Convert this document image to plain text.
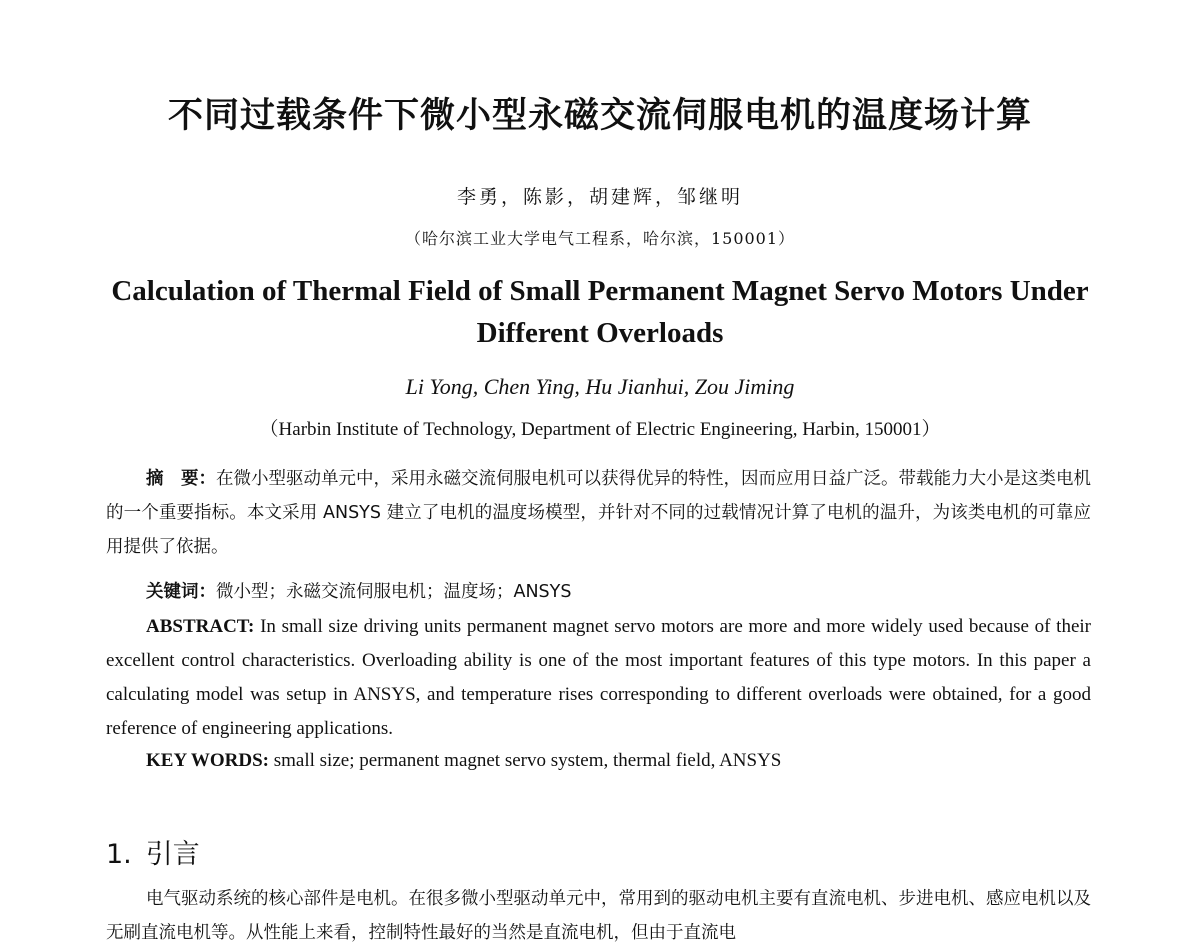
不同过载条件下微小型永磁交流伺服电机的温度场计算
李勇，陈影，胡建辉，邹继明
（哈尔滨工业大学电气工程系，哈尔滨，150001）
Calculation of Thermal Field of Small Permanent Magnet Servo Motors Under Different Overloads
Li Yong, Chen Ying, Hu Jianhui, Zou Jiming
（Harbin Institute of Technology, Department of Electric Engineering, Harbin, 150001）
摘　要：在微小型驱动单元中，采用永磁交流伺服电机可以获得优异的特性，因而应用日益广泛。带载能力大小是这类电机的一个重要指标。本文采用 ANSYS 建立了电机的温度场模型，并针对不同的过载情况计算了电机的温升，为该类电机的可靠应用提供了依据。
关键词：微小型；永磁交流伺服电机；温度场；ANSYS
ABSTRACT: In small size driving units permanent magnet servo motors are more and more widely used because of their excellent control characteristics. Overloading ability is one of the most important features of this type motors. In this paper a calculating model was setup in ANSYS, and temperature rises corresponding to different overloads were obtained, for a good reference of engineering applications.
KEY WORDS: small size; permanent magnet servo system, thermal field, ANSYS
1. 引言
电气驱动系统的核心部件是电机。在很多微小型驱动单元中，常用到的驱动电机主要有直流电机、步进电机、感应电机以及无刷直流电机等。从性能上来看，控制特性最好的当然是直流电机，但由于直流电
